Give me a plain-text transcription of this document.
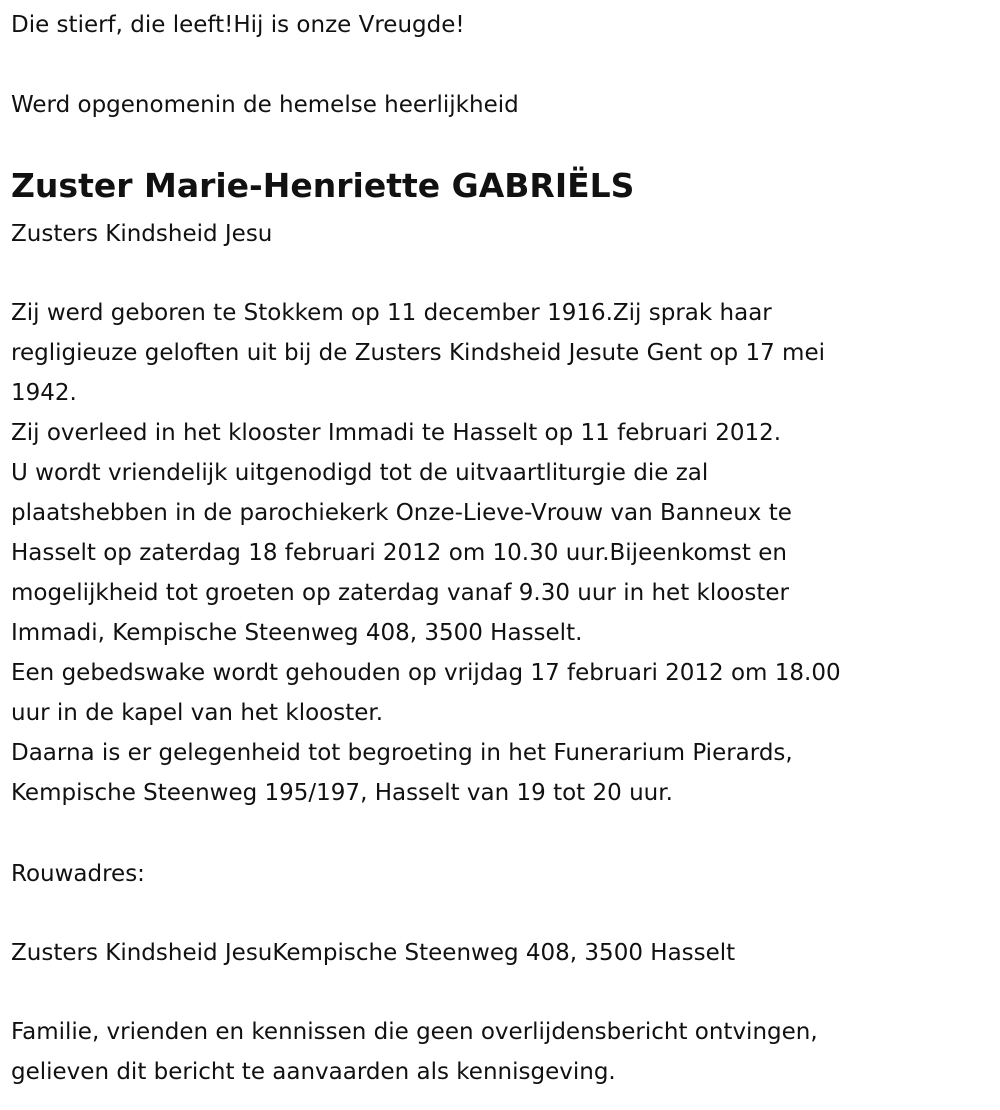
Die stierf, die leeft!Hij is onze Vreugde!
Werd opgenomenin de hemelse heerlijkheid
Zuster Marie-Henriette GABRIËLS
Zusters Kindsheid Jesu
Zij werd geboren te Stokkem op 11 december 1916.Zij sprak haar
regligieuze geloften uit bij de Zusters Kindsheid Jesute Gent op 17 mei
1942.
Zij overleed in het klooster Immadi te Hasselt op 11 februari 2012.
U wordt vriendelijk uitgenodigd tot de uitvaartliturgie die zal
plaatshebben in de parochiekerk Onze-Lieve-Vrouw van Banneux te
Hasselt op zaterdag 18 februari 2012 om 10.30 uur.Bijeenkomst en
mogelijkheid tot groeten op zaterdag vanaf 9.30 uur in het klooster
Immadi, Kempische Steenweg 408, 3500 Hasselt.
Een gebedswake wordt gehouden op vrijdag 17 februari 2012 om 18.00
uur in de kapel van het klooster.
Daarna is er gelegenheid tot begroeting in het Funerarium Pierards,
Kempische Steenweg 195/197, Hasselt van 19 tot 20 uur.
Rouwadres:
Zusters Kindsheid JesuKempische Steenweg 408, 3500 Hasselt
Familie, vrienden en kennissen die geen overlijdensbericht ontvingen,
gelieven dit bericht te aanvaarden als kennisgeving.
